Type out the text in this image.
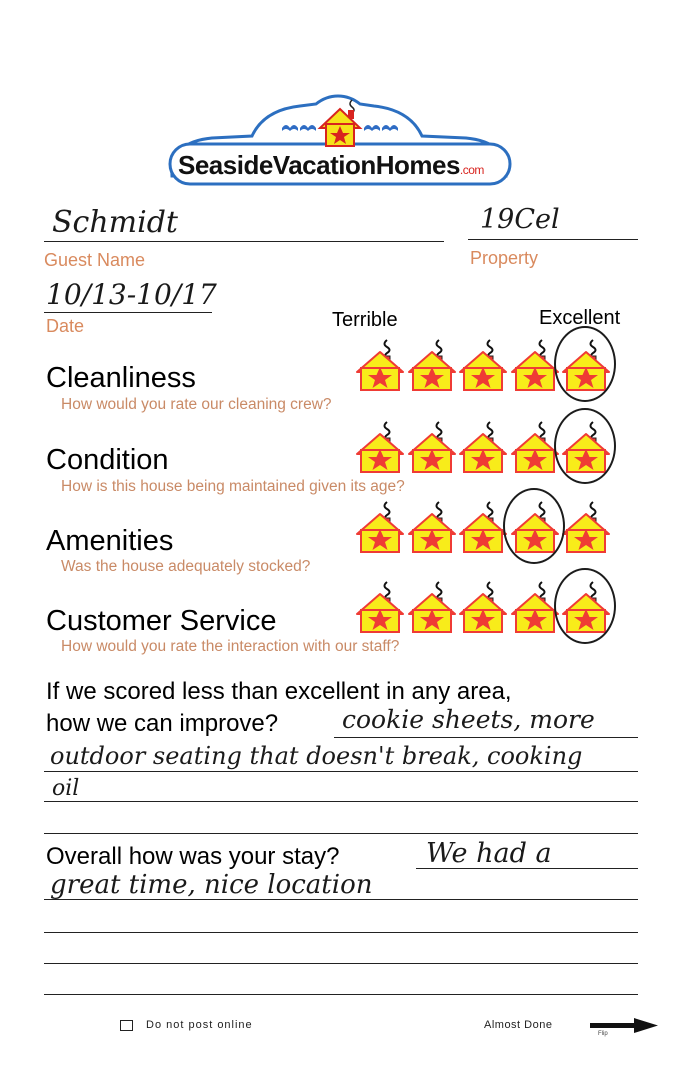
SeasideVacationHomes.com
Schmidt
Guest Name
19Cel
Property
10/13-10/17
Date	Terrible	Excellent
Cleanliness
How would you rate our cleaning crew?
Condition
How is this house being maintained given its age?
Amenities
Was the house adequately stocked?
Customer Service
How would you rate the interaction with our staff?
If we scored less than excellent in any area,
how we can improve?	cookie sheets, more
outdoor seating that doesn't break, cooking
oil
Overall how was your stay?	We had a
great time, nice location
Do not post online	Almost Done
Flip
